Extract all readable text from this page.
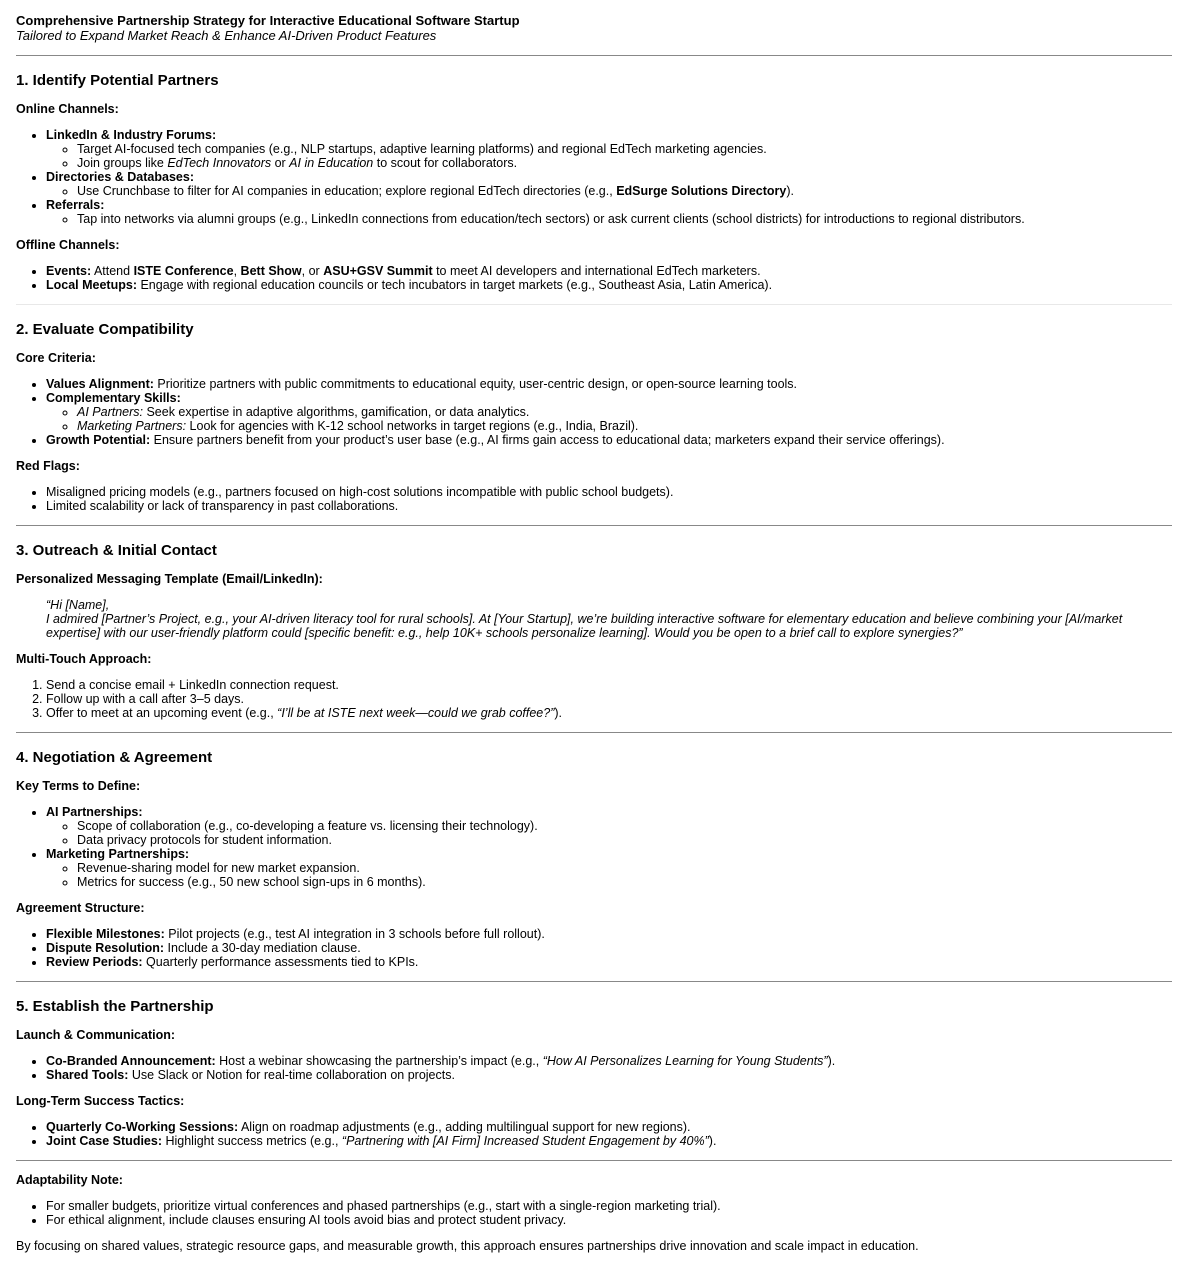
Comprehensive Partnership Strategy for Interactive Educational Software Startup
Tailored to Expand Market Reach & Enhance AI-Driven Product Features
1. Identify Potential Partners
Online Channels:
• LinkedIn & Industry Forums:
◦ Target AI-focused tech companies (e.g., NLP startups, adaptive learning platforms) and regional EdTech marketing agencies.
◦ Join groups like EdTech Innovators or AI in Education to scout for collaborators.
• Directories & Databases:
◦ Use Crunchbase to filter for AI companies in education; explore regional EdTech directories (e.g., EdSurge Solutions Directory).
• Referrals:
◦ Tap into networks via alumni groups (e.g., LinkedIn connections from education/tech sectors) or ask current clients (school districts) for introductions to regional distributors.
Offline Channels:
• Events: Attend ISTE Conference, Bett Show, or ASU+GSV Summit to meet AI developers and international EdTech marketers.
• Local Meetups: Engage with regional education councils or tech incubators in target markets (e.g., Southeast Asia, Latin America).
2. Evaluate Compatibility
Core Criteria:
• Values Alignment: Prioritize partners with public commitments to educational equity, user-centric design, or open-source learning tools.
• Complementary Skills:
◦ AI Partners: Seek expertise in adaptive algorithms, gamification, or data analytics.
◦ Marketing Partners: Look for agencies with K-12 school networks in target regions (e.g., India, Brazil).
• Growth Potential: Ensure partners benefit from your product’s user base (e.g., AI firms gain access to educational data; marketers expand their service offerings).
Red Flags:
• Misaligned pricing models (e.g., partners focused on high-cost solutions incompatible with public school budgets).
• Limited scalability or lack of transparency in past collaborations.
3. Outreach & Initial Contact
Personalized Messaging Template (Email/LinkedIn):
“Hi [Name],
I admired [Partner’s Project, e.g., your AI-driven literacy tool for rural schools]. At [Your Startup], we’re building interactive software for elementary education and believe combining your [AI/market expertise] with our user-friendly platform could [specific benefit: e.g., help 10K+ schools personalize learning]. Would you be open to a brief call to explore synergies?”
Multi-Touch Approach:
1. Send a concise email + LinkedIn connection request.
2. Follow up with a call after 3–5 days.
3. Offer to meet at an upcoming event (e.g., “I’ll be at ISTE next week—could we grab coffee?”).
4. Negotiation & Agreement
Key Terms to Define:
• AI Partnerships:
◦ Scope of collaboration (e.g., co-developing a feature vs. licensing their technology).
◦ Data privacy protocols for student information.
• Marketing Partnerships:
◦ Revenue-sharing model for new market expansion.
◦ Metrics for success (e.g., 50 new school sign-ups in 6 months).
Agreement Structure:
• Flexible Milestones: Pilot projects (e.g., test AI integration in 3 schools before full rollout).
• Dispute Resolution: Include a 30-day mediation clause.
• Review Periods: Quarterly performance assessments tied to KPIs.
5. Establish the Partnership
Launch & Communication:
• Co-Branded Announcement: Host a webinar showcasing the partnership’s impact (e.g., “How AI Personalizes Learning for Young Students”).
• Shared Tools: Use Slack or Notion for real-time collaboration on projects.
Long-Term Success Tactics:
• Quarterly Co-Working Sessions: Align on roadmap adjustments (e.g., adding multilingual support for new regions).
• Joint Case Studies: Highlight success metrics (e.g., “Partnering with [AI Firm] Increased Student Engagement by 40%”).
Adaptability Note:
• For smaller budgets, prioritize virtual conferences and phased partnerships (e.g., start with a single-region marketing trial).
• For ethical alignment, include clauses ensuring AI tools avoid bias and protect student privacy.

By focusing on shared values, strategic resource gaps, and measurable growth, this approach ensures partnerships drive innovation and scale impact in education.
